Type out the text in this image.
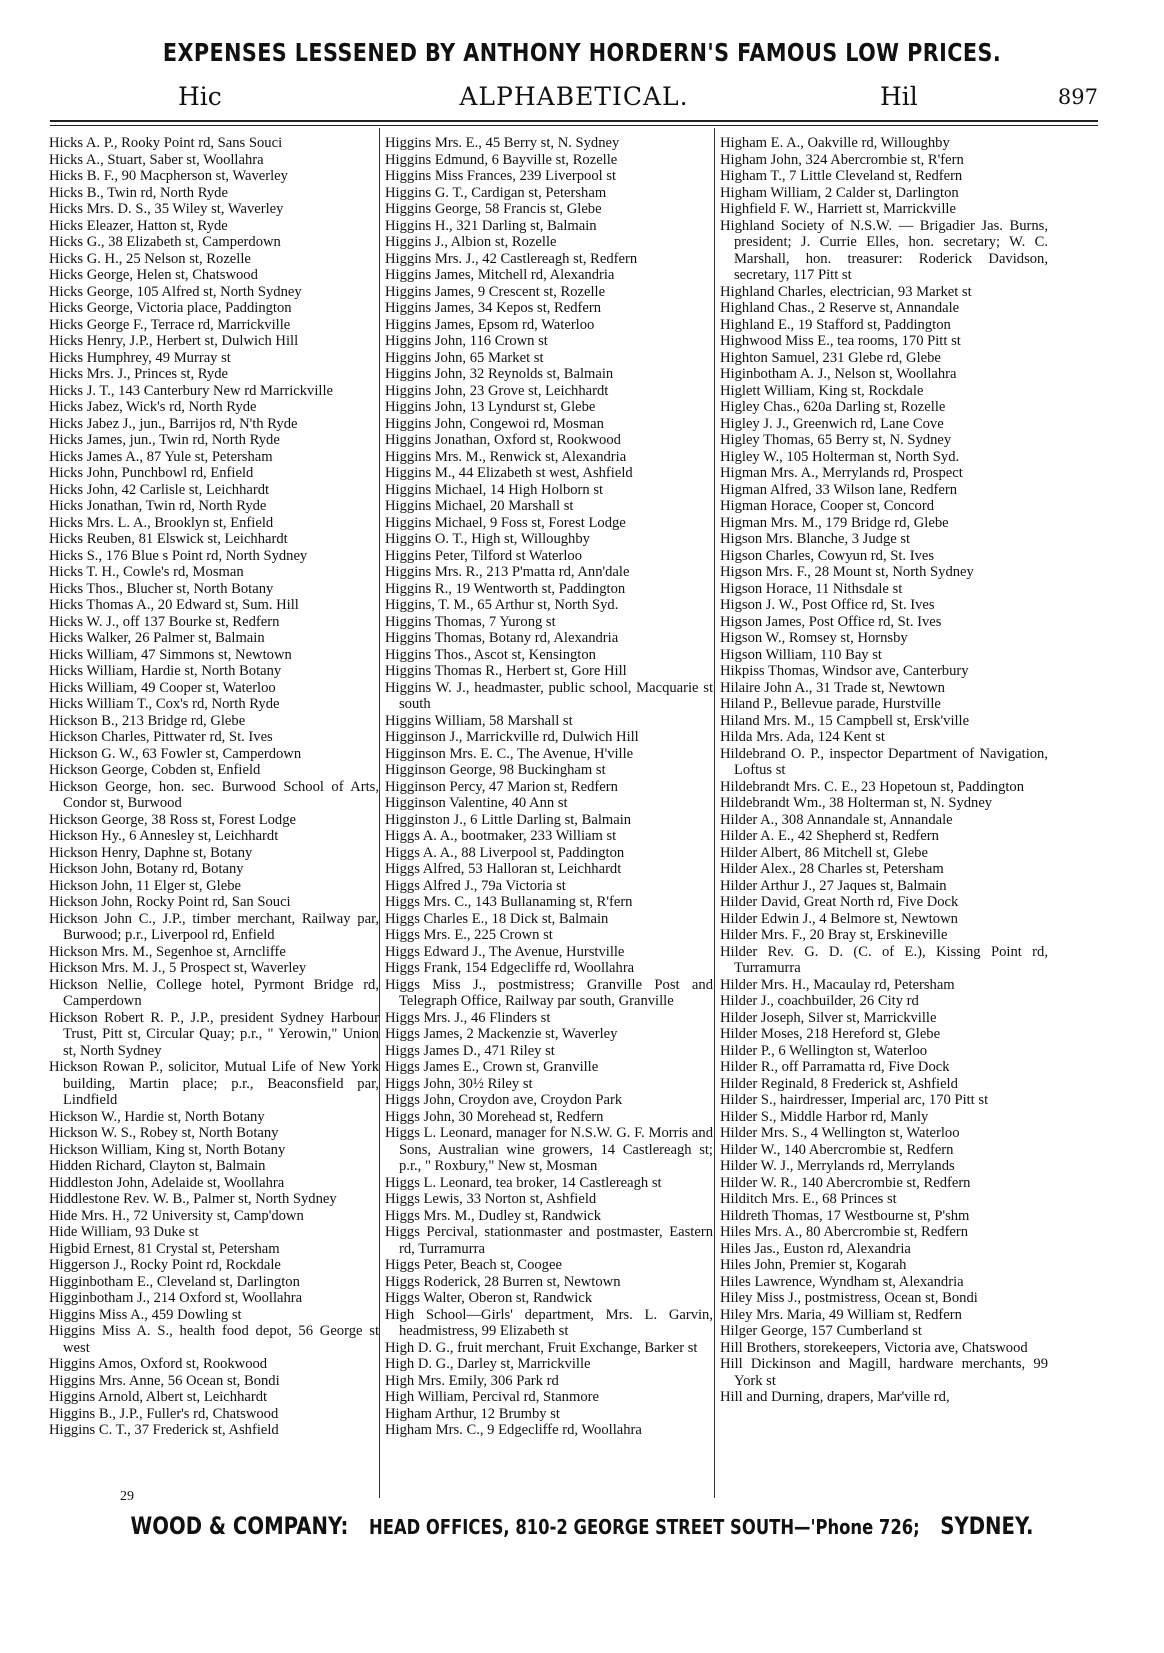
EXPENSES LESSENED BY ANTHONY HORDERN'S FAMOUS LOW PRICES.
Hic	ALPHABETICAL.	Hil	897
Hicks A. P., Rooky Point rd, Sans Souci
Hicks A., Stuart, Saber st, Woollahra
Hicks B. F., 90 Macpherson st, Waverley
Hicks B., Twin rd, North Ryde
Hicks Mrs. D. S., 35 Wiley st, Waverley
Hicks Eleazer, Hatton st, Ryde
Hicks G., 38 Elizabeth st, Camperdown
Hicks G. H., 25 Nelson st, Rozelle
Hicks George, Helen st, Chatswood
Hicks George, 105 Alfred st, North Sydney
Hicks George, Victoria place, Paddington
Hicks George F., Terrace rd, Marrickville
Hicks Henry, J.P., Herbert st, Dulwich Hill
Hicks Humphrey, 49 Murray st
Hicks Mrs. J., Princes st, Ryde
Hicks J. T., 143 Canterbury New rd Marrickville
Hicks Jabez, Wick's rd, North Ryde
Hicks Jabez J., jun., Barrijos rd, N'th Ryde
Hicks James, jun., Twin rd, North Ryde
Hicks James A., 87 Yule st, Petersham
Hicks John, Punchbowl rd, Enfield
Hicks John, 42 Carlisle st, Leichhardt
Hicks Jonathan, Twin rd, North Ryde
Hicks Mrs. L. A., Brooklyn st, Enfield
Hicks Reuben, 81 Elswick st, Leichhardt
Hicks S., 176 Blue s Point rd, North Sydney
Hicks T. H., Cowle's rd, Mosman
Hicks Thos., Blucher st, North Botany
Hicks Thomas A., 20 Edward st, Sum. Hill
Hicks W. J., off 137 Bourke st, Redfern
Hicks Walker, 26 Palmer st, Balmain
Hicks William, 47 Simmons st, Newtown
Hicks William, Hardie st, North Botany
Hicks William, 49 Cooper st, Waterloo
Hicks William T., Cox's rd, North Ryde
Hickson B., 213 Bridge rd, Glebe
Hickson Charles, Pittwater rd, St. Ives
Hickson G. W., 63 Fowler st, Camperdown
Hickson George, Cobden st, Enfield
Hickson George, hon. sec. Burwood School of Arts, Condor st, Burwood
Hickson George, 38 Ross st, Forest Lodge
Hickson Hy., 6 Annesley st, Leichhardt
Hickson Henry, Daphne st, Botany
Hickson John, Botany rd, Botany
Hickson John, 11 Elger st, Glebe
Hickson John, Rocky Point rd, San Souci
Hickson John C., J.P., timber merchant, Railway par, Burwood; p.r., Liverpool rd, Enfield
Hickson Mrs. M., Segenhoe st, Arncliffe
Hickson Mrs. M. J., 5 Prospect st, Waverley
Hickson Nellie, College hotel, Pyrmont Bridge rd, Camperdown
Hickson Robert R. P., J.P., president Sydney Harbour Trust, Pitt st, Circular Quay; p.r., " Yerowin," Union st, North Sydney
Hickson Rowan P., solicitor, Mutual Life of New York building, Martin place; p.r., Beaconsfield par, Lindfield
Hickson W., Hardie st, North Botany
Hickson W. S., Robey st, North Botany
Hickson William, King st, North Botany
Hidden Richard, Clayton st, Balmain
Hiddleston John, Adelaide st, Woollahra
Hiddlestone Rev. W. B., Palmer st, North Sydney
Hide Mrs. H., 72 University st, Camp'down
Hide William, 93 Duke st
Higbid Ernest, 81 Crystal st, Petersham
Higgerson J., Rocky Point rd, Rockdale
Higginbotham E., Cleveland st, Darlington
Higginbotham J., 214 Oxford st, Woollahra
Higgins Miss A., 459 Dowling st
Higgins Miss A. S., health food depot, 56 George st west
Higgins Amos, Oxford st, Rookwood
Higgins Mrs. Anne, 56 Ocean st, Bondi
Higgins Arnold, Albert st, Leichhardt
Higgins B., J.P., Fuller's rd, Chatswood
Higgins C. T., 37 Frederick st, Ashfield
Higgins Mrs. E., 45 Berry st, N. Sydney
Higgins Edmund, 6 Bayville st, Rozelle
Higgins Miss Frances, 239 Liverpool st
Higgins G. T., Cardigan st, Petersham
Higgins George, 58 Francis st, Glebe
Higgins H., 321 Darling st, Balmain
Higgins J., Albion st, Rozelle
Higgins Mrs. J., 42 Castlereagh st, Redfern
Higgins James, Mitchell rd, Alexandria
Higgins James, 9 Crescent st, Rozelle
Higgins James, 34 Kepos st, Redfern
Higgins James, Epsom rd, Waterloo
Higgins John, 116 Crown st
Higgins John, 65 Market st
Higgins John, 32 Reynolds st, Balmain
Higgins John, 23 Grove st, Leichhardt
Higgins John, 13 Lyndurst st, Glebe
Higgins John, Congewoi rd, Mosman
Higgins Jonathan, Oxford st, Rookwood
Higgins Mrs. M., Renwick st, Alexandria
Higgins M., 44 Elizabeth st west, Ashfield
Higgins Michael, 14 High Holborn st
Higgins Michael, 20 Marshall st
Higgins Michael, 9 Foss st, Forest Lodge
Higgins O. T., High st, Willoughby
Higgins Peter, Tilford st Waterloo
Higgins Mrs. R., 213 P'matta rd, Ann'dale
Higgins R., 19 Wentworth st, Paddington
Higgins, T. M., 65 Arthur st, North Syd.
Higgins Thomas, 7 Yurong st
Higgins Thomas, Botany rd, Alexandria
Higgins Thos., Ascot st, Kensington
Higgins Thomas R., Herbert st, Gore Hill
Higgins W. J., headmaster, public school, Macquarie st south
Higgins William, 58 Marshall st
Higginson J., Marrickville rd, Dulwich Hill
Higginson Mrs. E. C., The Avenue, H'ville
Higginson George, 98 Buckingham st
Higginson Percy, 47 Marion st, Redfern
Higginson Valentine, 40 Ann st
Higginston J., 6 Little Darling st, Balmain
Higgs A. A., bootmaker, 233 William st
Higgs A. A., 88 Liverpool st, Paddington
Higgs Alfred, 53 Halloran st, Leichhardt
Higgs Alfred J., 79a Victoria st
Higgs Mrs. C., 143 Bullanaming st, R'fern
Higgs Charles E., 18 Dick st, Balmain
Higgs Mrs. E., 225 Crown st
Higgs Edward J., The Avenue, Hurstville
Higgs Frank, 154 Edgecliffe rd, Woollahra
Higgs Miss J., postmistress; Granville Post and Telegraph Office, Railway par south, Granville
Higgs Mrs. J., 46 Flinders st
Higgs James, 2 Mackenzie st, Waverley
Higgs James D., 471 Riley st
Higgs James E., Crown st, Granville
Higgs John, 30½ Riley st
Higgs John, Croydon ave, Croydon Park
Higgs John, 30 Morehead st, Redfern
Higgs L. Leonard, manager for N.S.W. G. F. Morris and Sons, Australian wine growers, 14 Castlereagh st; p.r., " Roxbury," New st, Mosman
Higgs L. Leonard, tea broker, 14 Castlereagh st
Higgs Lewis, 33 Norton st, Ashfield
Higgs Mrs. M., Dudley st, Randwick
Higgs Percival, stationmaster and postmaster, Eastern rd, Turramurra
Higgs Peter, Beach st, Coogee
Higgs Roderick, 28 Burren st, Newtown
Higgs Walter, Oberon st, Randwick
High School—Girls' department, Mrs. L. Garvin, headmistress, 99 Elizabeth st
High D. G., fruit merchant, Fruit Exchange, Barker st
High D. G., Darley st, Marrickville
High Mrs. Emily, 306 Park rd
High William, Percival rd, Stanmore
Higham Arthur, 12 Brumby st
Higham Mrs. C., 9 Edgecliffe rd, Woollahra
Higham E. A., Oakville rd, Willoughby
Higham John, 324 Abercrombie st, R'fern
Higham T., 7 Little Cleveland st, Redfern
Higham William, 2 Calder st, Darlington
Highfield F. W., Harriett st, Marrickville
Highland Society of N.S.W. — Brigadier Jas. Burns, president; J. Currie Elles, hon. secretary; W. C. Marshall, hon. treasurer: Roderick Davidson, secretary, 117 Pitt st
Highland Charles, electrician, 93 Market st
Highland Chas., 2 Reserve st, Annandale
Highland E., 19 Stafford st, Paddington
Highwood Miss E., tea rooms, 170 Pitt st
Highton Samuel, 231 Glebe rd, Glebe
Higinbotham A. J., Nelson st, Woollahra
Higlett William, King st, Rockdale
Higley Chas., 620a Darling st, Rozelle
Higley J. J., Greenwich rd, Lane Cove
Higley Thomas, 65 Berry st, N. Sydney
Higley W., 105 Holterman st, North Syd.
Higman Mrs. A., Merrylands rd, Prospect
Higman Alfred, 33 Wilson lane, Redfern
Higman Horace, Cooper st, Concord
Higman Mrs. M., 179 Bridge rd, Glebe
Higson Mrs. Blanche, 3 Judge st
Higson Charles, Cowyun rd, St. Ives
Higson Mrs. F., 28 Mount st, North Sydney
Higson Horace, 11 Nithsdale st
Higson J. W., Post Office rd, St. Ives
Higson James, Post Office rd, St. Ives
Higson W., Romsey st, Hornsby
Higson William, 110 Bay st
Hikpiss Thomas, Windsor ave, Canterbury
Hilaire John A., 31 Trade st, Newtown
Hiland P., Bellevue parade, Hurstville
Hiland Mrs. M., 15 Campbell st, Ersk'ville
Hilda Mrs. Ada, 124 Kent st
Hildebrand O. P., inspector Department of Navigation, Loftus st
Hildebrandt Mrs. C. E., 23 Hopetoun st, Paddington
Hildebrandt Wm., 38 Holterman st, N. Sydney
Hilder A., 308 Annandale st, Annandale
Hilder A. E., 42 Shepherd st, Redfern
Hilder Albert, 86 Mitchell st, Glebe
Hilder Alex., 28 Charles st, Petersham
Hilder Arthur J., 27 Jaques st, Balmain
Hilder David, Great North rd, Five Dock
Hilder Edwin J., 4 Belmore st, Newtown
Hilder Mrs. F., 20 Bray st, Erskineville
Hilder Rev. G. D. (C. of E.), Kissing Point rd, Turramurra
Hilder Mrs. H., Macaulay rd, Petersham
Hilder J., coachbuilder, 26 City rd
Hilder Joseph, Silver st, Marrickville
Hilder Moses, 218 Hereford st, Glebe
Hilder P., 6 Wellington st, Waterloo
Hilder R., off Parramatta rd, Five Dock
Hilder Reginald, 8 Frederick st, Ashfield
Hilder S., hairdresser, Imperial arc, 170 Pitt st
Hilder S., Middle Harbor rd, Manly
Hilder Mrs. S., 4 Wellington st, Waterloo
Hilder W., 140 Abercrombie st, Redfern
Hilder W. J., Merrylands rd, Merrylands
Hilder W. R., 140 Abercrombie st, Redfern
Hilditch Mrs. E., 68 Princes st
Hildreth Thomas, 17 Westbourne st, P'shm
Hiles Mrs. A., 80 Abercrombie st, Redfern
Hiles Jas., Euston rd, Alexandria
Hiles John, Premier st, Kogarah
Hiles Lawrence, Wyndham st, Alexandria
Hiley Miss J., postmistress, Ocean st, Bondi
Hiley Mrs. Maria, 49 William st, Redfern
Hilger George, 157 Cumberland st
Hill Brothers, storekeepers, Victoria ave, Chatswood
Hill Dickinson and Magill, hardware merchants, 99 York st
Hill and Durning, drapers, Mar'ville rd,
29
WOOD & COMPANY: HEAD OFFICES, 810-2 GEORGE STREET SOUTH—'Phone 726; SYDNEY.
